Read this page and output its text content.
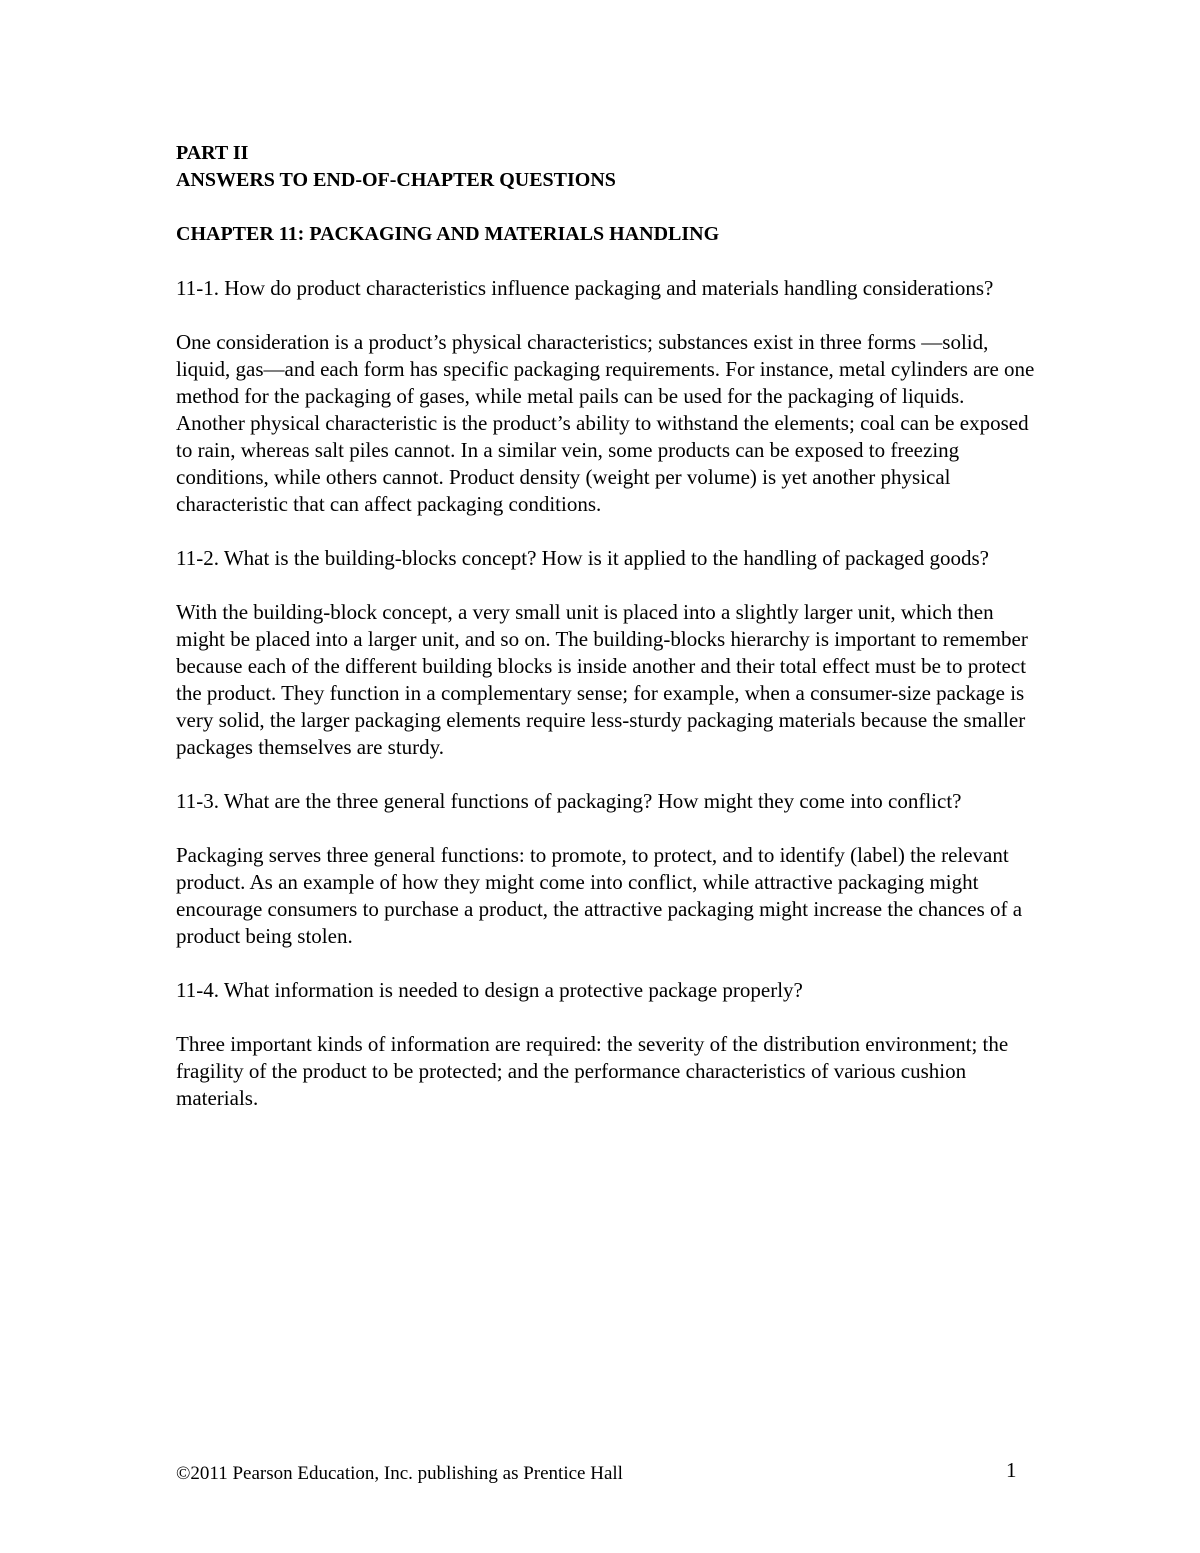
PART II

ANSWERS TO END-OF-CHAPTER QUESTIONS

CHAPTER 11: PACKAGING AND MATERIALS HANDLING

11-1. How do product characteristics influence packaging and materials handling considerations?

One consideration is a product’s physical characteristics; substances exist in three forms —solid, liquid, gas—and each form has specific packaging requirements. For instance, metal cylinders are one method for the packaging of gases, while metal pails can be used for the packaging of liquids. Another physical characteristic is the product’s ability to withstand the elements; coal can be exposed to rain, whereas salt piles cannot. In a similar vein, some products can be exposed to freezing conditions, while others cannot. Product density (weight per volume) is yet another physical characteristic that can affect packaging conditions.

11-2. What is the building-blocks concept? How is it applied to the handling of packaged goods?

With the building-block concept, a very small unit is placed into a slightly larger unit, which then might be placed into a larger unit, and so on. The building-blocks hierarchy is important to remember because each of the different building blocks is inside another and their total effect must be to protect the product. They function in a complementary sense; for example, when a consumer-size package is very solid, the larger packaging elements require less-sturdy packaging materials because the smaller packages themselves are sturdy.

11-3. What are the three general functions of packaging? How might they come into conflict?

Packaging serves three general functions: to promote, to protect, and to identify (label) the relevant product. As an example of how they might come into conflict, while attractive packaging might encourage consumers to purchase a product, the attractive packaging might increase the chances of a product being stolen.

11-4. What information is needed to design a protective package properly?

Three important kinds of information are required: the severity of the distribution environment; the fragility of the product to be protected; and the performance characteristics of various cushion materials.

©2011 Pearson Education, Inc. publishing as Prentice Hall	1
